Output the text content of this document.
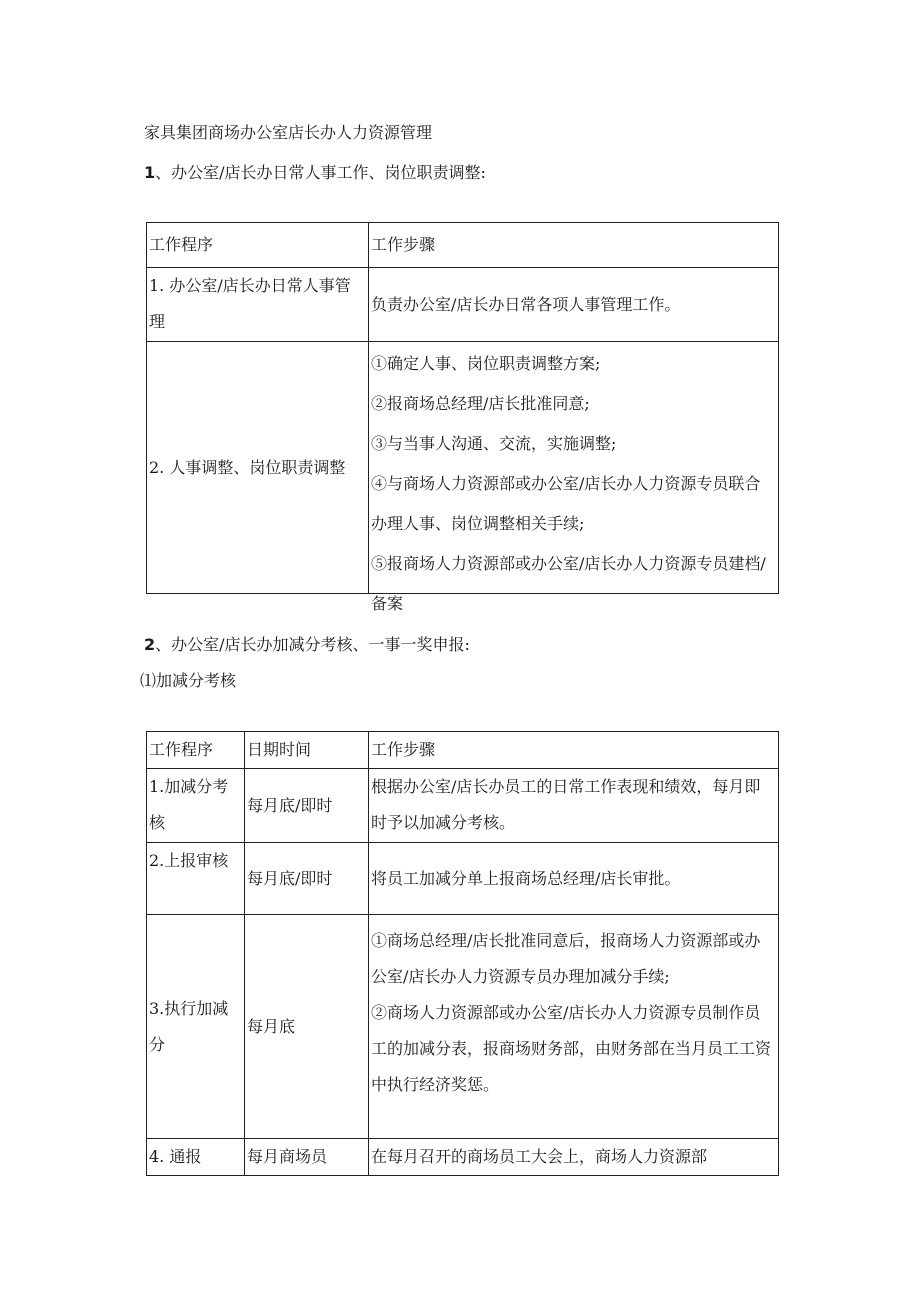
家具集团商场办公室店长办人力资源管理
1、办公室/店长办日常人事工作、岗位职责调整:
工作程序	工作步骤
1. 办公室/店长办日常人事管理	负责办公室/店长办日常各项人事管理工作。
2. 人事调整、岗位职责调整	①确定人事、岗位职责调整方案;
②报商场总经理/店长批准同意;
③与当事人沟通、交流，实施调整;
④与商场人力资源部或办公室/店长办人力资源专员联合办理人事、岗位调整相关手续;
⑤报商场人力资源部或办公室/店长办人力资源专员建档/备案
2、办公室/店长办加减分考核、一事一奖申报:
⑴加减分考核
工作程序	日期时间	工作步骤
1.加减分考核	每月底/即时	根据办公室/店长办员工的日常工作表现和绩效，每月即时予以加减分考核。
2.上报审核	每月底/即时	将员工加减分单上报商场总经理/店长审批。
3.执行加减分	每月底	①商场总经理/店长批准同意后，报商场人力资源部或办公室/店长办人力资源专员办理加减分手续;
②商场人力资源部或办公室/店长办人力资源专员制作员工的加减分表，报商场财务部，由财务部在当月员工工资中执行经济奖惩。

4. 通报	每月商场员	在每月召开的商场员工大会上，商场人力资源部
